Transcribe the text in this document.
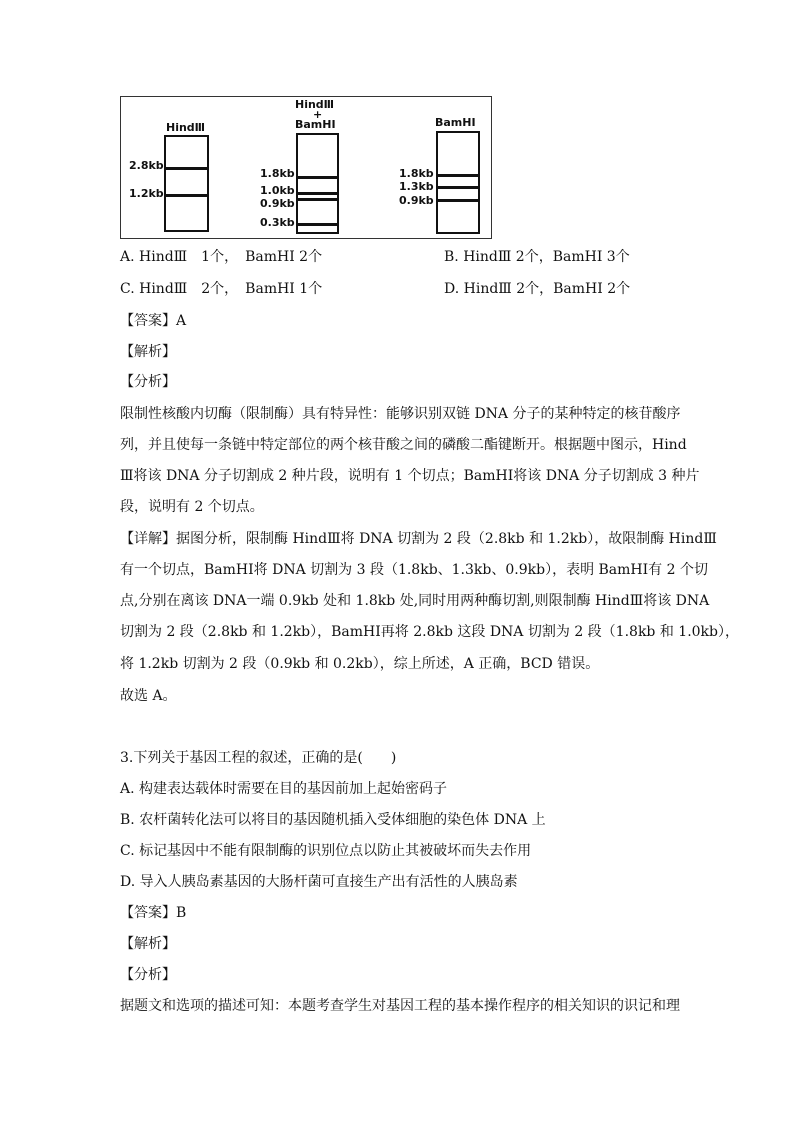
HindⅢ
2.8kb
1.2kb
HindⅢ
+
BamHI
1.8kb
1.0kb
0.9kb
0.3kb
BamHI
1.8kb
1.3kb
0.9kb
A. HindⅢ　1个，　BamHⅠ 2个	B. HindⅢ 2个，BamHⅠ 3个
C. HindⅢ　2个，　BamHⅠ 1个	D. HindⅢ 2个，BamHⅠ 2个
【答案】A
【解析】
【分析】
限制性核酸内切酶（限制酶）具有特异性：能够识别双链 DNA 分子的某种特定的核苷酸序
列，并且使每一条链中特定部位的两个核苷酸之间的磷酸二酯键断开。根据题中图示，Hind
Ⅲ将该 DNA 分子切割成 2 种片段，说明有 1 个切点；BamHⅠ将该 DNA 分子切割成 3 种片
段，说明有 2 个切点。
【详解】据图分析，限制酶 HindⅢ将 DNA 切割为 2 段（2.8kb 和 1.2kb），故限制酶 HindⅢ
有一个切点，BamHⅠ将 DNA 切割为 3 段（1.8kb、1.3kb、0.9kb），表明 BamHⅠ有 2 个切
点,分别在离该 DNA一端 0.9kb 处和 1.8kb 处,同时用两种酶切割,则限制酶 HindⅢ将该 DNA
切割为 2 段（2.8kb 和 1.2kb），BamHⅠ再将 2.8kb 这段 DNA 切割为 2 段（1.8kb 和 1.0kb），
将 1.2kb 切割为 2 段（0.9kb 和 0.2kb），综上所述，A 正确，BCD 错误。
故选 A。
3.下列关于基因工程的叙述，正确的是(　　)
A. 构建表达载体时需要在目的基因前加上起始密码子
B. 农杆菌转化法可以将目的基因随机插入受体细胞的染色体 DNA 上
C. 标记基因中不能有限制酶的识别位点以防止其被破坏而失去作用
D. 导入人胰岛素基因的大肠杆菌可直接生产出有活性的人胰岛素
【答案】B
【解析】
【分析】
据题文和选项的描述可知：本题考查学生对基因工程的基本操作程序的相关知识的识记和理
